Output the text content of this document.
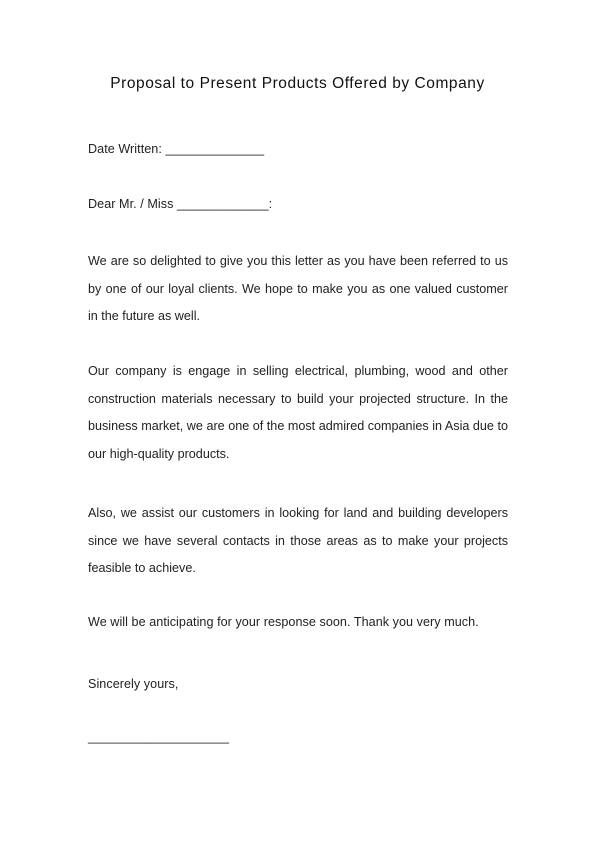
Proposal to Present Products Offered by Company

Date Written: ______________

Dear Mr. / Miss _____________:

We are so delighted to give you this letter as you have been referred to us by one of our loyal clients. We hope to make you as one valued customer in the future as well.

Our company is engage in selling electrical, plumbing, wood and other construction materials necessary to build your projected structure. In the business market, we are one of the most admired companies in Asia due to our high-quality products.

Also, we assist our customers in looking for land and building developers since we have several contacts in those areas as to make your projects feasible to achieve.

We will be anticipating for your response soon. Thank you very much.

Sincerely yours,

____________________
